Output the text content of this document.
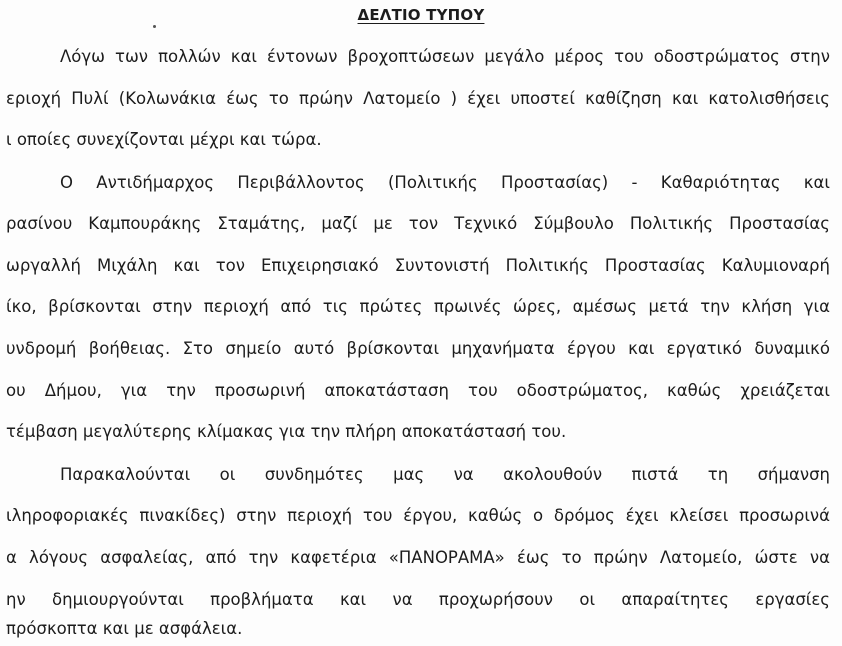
ΔΕΛΤΙΟ ΤΥΠΟΥ

Λόγω των πολλών και έντονων βροχοπτώσεων μεγάλο μέρος του οδοστρώματος στην

εριοχή Πυλί (Κολωνάκια έως το πρώην Λατομείο ) έχει υποστεί καθίζηση και κατολισθήσεις

ι οποίες συνεχίζονται μέχρι και τώρα.

Ο Αντιδήμαρχος Περιβάλλοντος (Πολιτικής Προστασίας) - Καθαριότητας και

ρασίνου Καμπουράκης Σταμάτης, μαζί με τον Τεχνικό Σύμβουλο Πολιτικής Προστασίας

ωργαλλή Μιχάλη και τον Επιχειρησιακό Συντονιστή Πολιτικής Προστασίας Καλυμιοναρή

ίκο, βρίσκονται στην περιοχή από τις πρώτες πρωινές ώρες, αμέσως μετά την κλήση για

υνδρομή βοήθειας. Στο σημείο αυτό βρίσκονται μηχανήματα έργου και εργατικό δυναμικό

ου Δήμου, για την προσωρινή αποκατάσταση του οδοστρώματος, καθώς χρειάζεται

τέμβαση μεγαλύτερης κλίμακας για την πλήρη αποκατάστασή του.

Παρακαλούνται οι συνδημότες μας να ακολουθούν πιστά τη σήμανση

ιληροφοριακές πινακίδες) στην περιοχή του έργου, καθώς ο δρόμος έχει κλείσει προσωρινά

α λόγους ασφαλείας, από την καφετέρια «ΠΑΝΟΡΑΜΑ» έως το πρώην Λατομείο, ώστε να

ην δημιουργούνται προβλήματα και να προχωρήσουν οι απαραίτητες εργασίες

πρόσκοπτα και με ασφάλεια.
